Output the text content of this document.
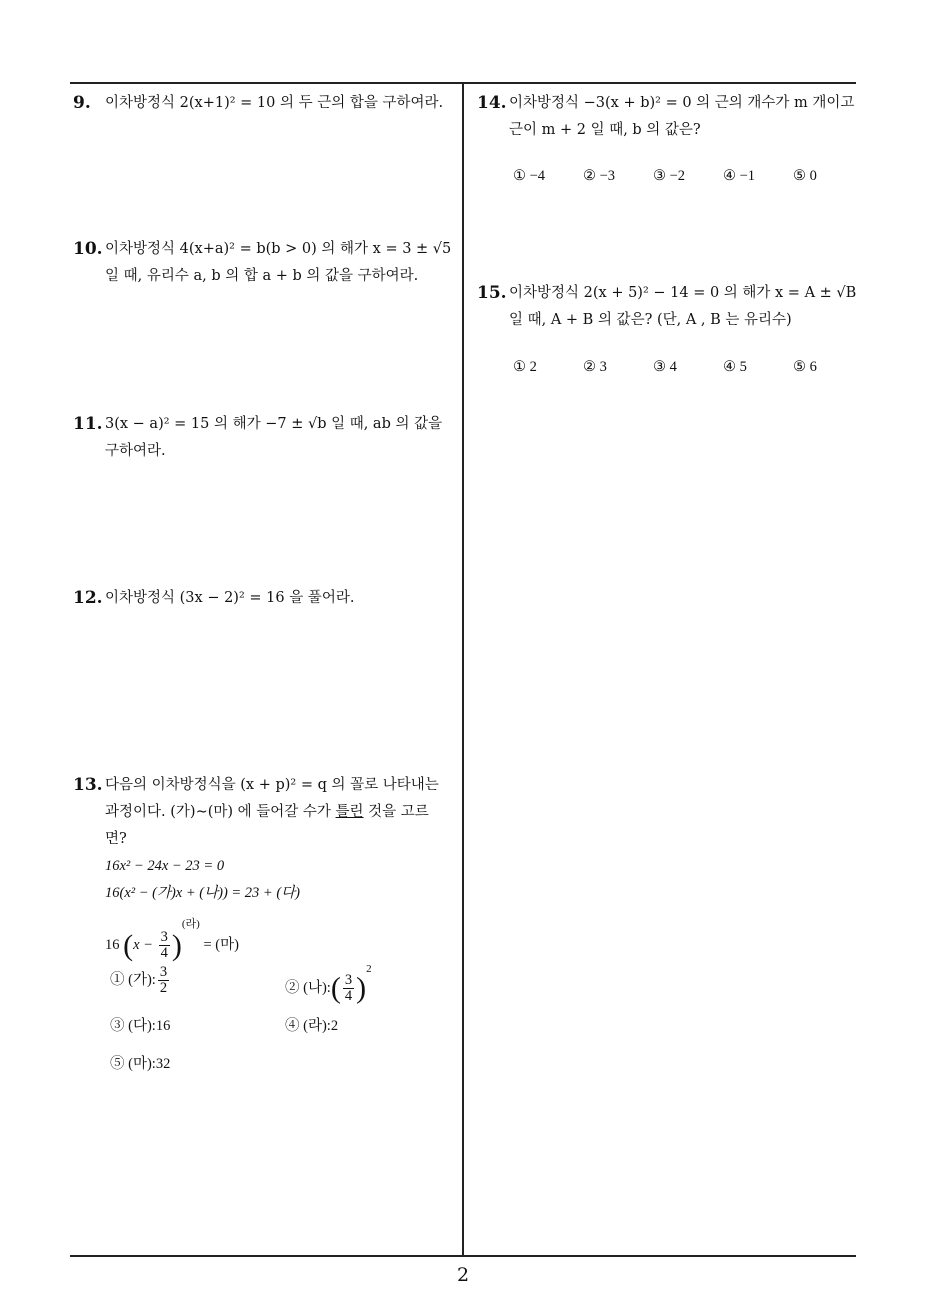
9. 이차방정식 2(x+1)² = 10 의 두 근의 합을 구하여라.
10. 이차방정식 4(x+a)² = b(b > 0) 의 해가 x = 3 ± √5
일 때, 유리수 a, b 의 합 a + b 의 값을 구하여라.
11. 3(x − a)² = 15 의 해가 −7 ± √b 일 때, ab 의 값을
구하여라.
12. 이차방정식 (3x − 2)² = 16 을 풀어라.
13. 다음의 이차방정식을 (x + p)² = q 의 꼴로 나타내는
과정이다. (가)∼(마) 에 들어갈 수가 틀린 것을 고르
면?
16x² − 24x − 23 = 0
16(x² − (가)x + (나)) = 23 + (다)
16 $(x - \frac{3}{4} )^{(라)}$ = (마)
① (가): $\frac{3}{2}$	② (나):( $\frac{3}{4} )^2$
③ (다):16	④ (라):2
⑤ (마):32
14. 이차방정식 −3(x + b)² = 0 의 근의 개수가 m 개이고
근이 m + 2 일 때, b 의 값은?
① −4	② −3	③ −2	④ −1	⑤ 0
15. 이차방정식 2(x + 5)² − 14 = 0 의 해가 x = A ± √B
일 때, A + B 의 값은? (단, A , B 는 유리수)
① 2	② 3	③ 4	④ 5	⑤ 6
2
